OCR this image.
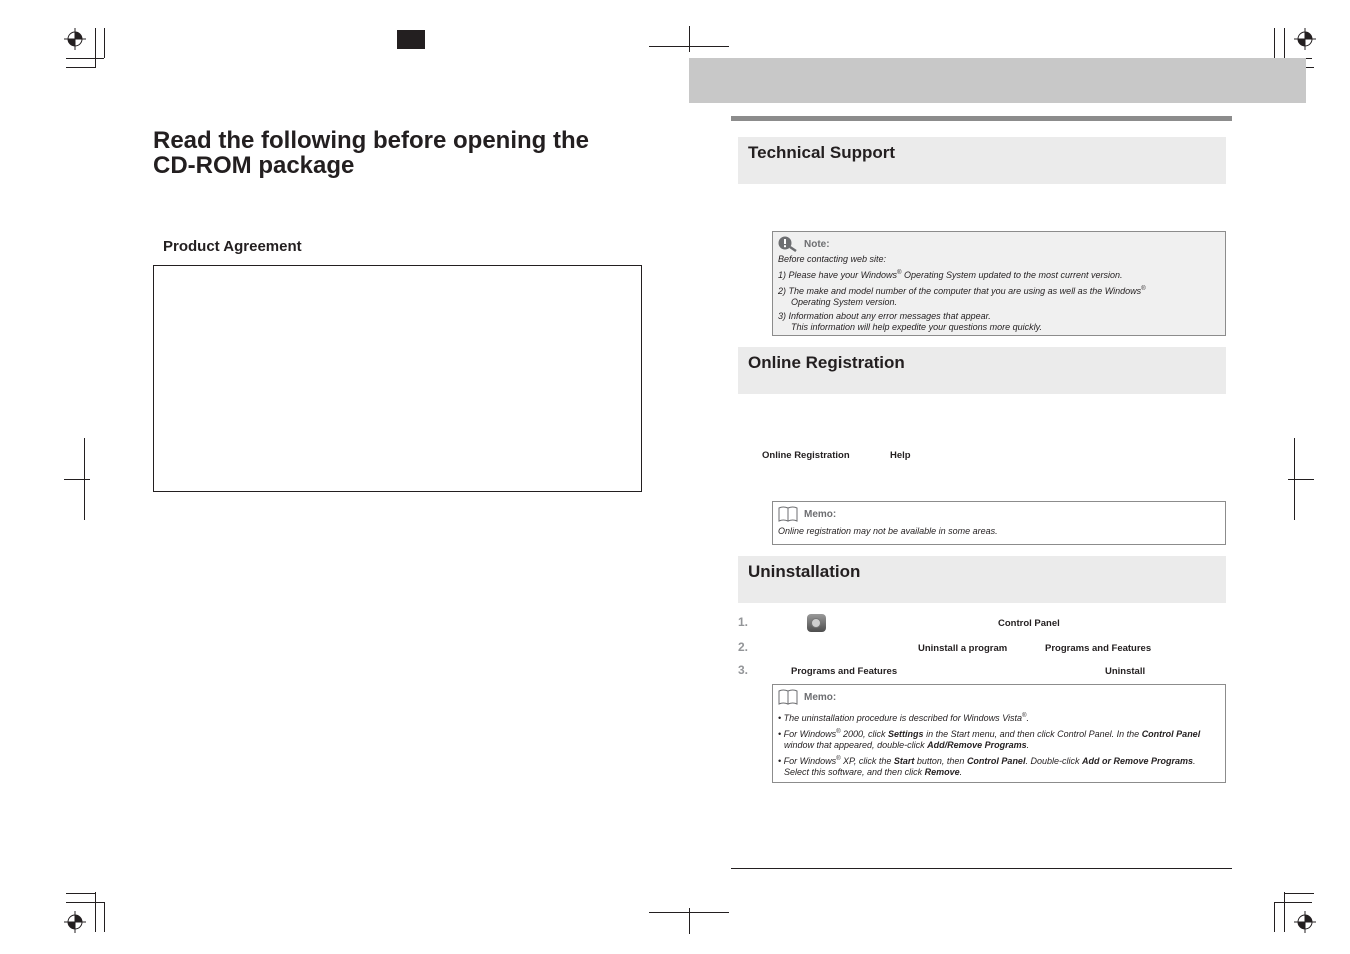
Read the following before opening the CD-ROM package
Product Agreement
Technical Support
Note:

Before contacting web site:

1) Please have your Windows® Operating System updated to the most current version.

2) The make and model number of the computer that you are using as well as the Windows®
Operating System version.

3) Information about any error messages that appear.
This information will help expedite your questions more quickly.

Online Registration
Online Registration	Help
Memo:

Online registration may not be available in some areas.

Uninstallation
1.	Control Panel
2.	Uninstall a program	Programs and Features
3.	Programs and Features	Uninstall
Memo:

• The uninstallation procedure is described for Windows Vista®.

• For Windows® 2000, click Settings in the Start menu, and then click Control Panel. In the Control Panel window that appeared, double-click Add/Remove Programs.

• For Windows® XP, click the Start button, then Control Panel. Double-click Add or Remove Programs. Select this software, and then click Remove.
